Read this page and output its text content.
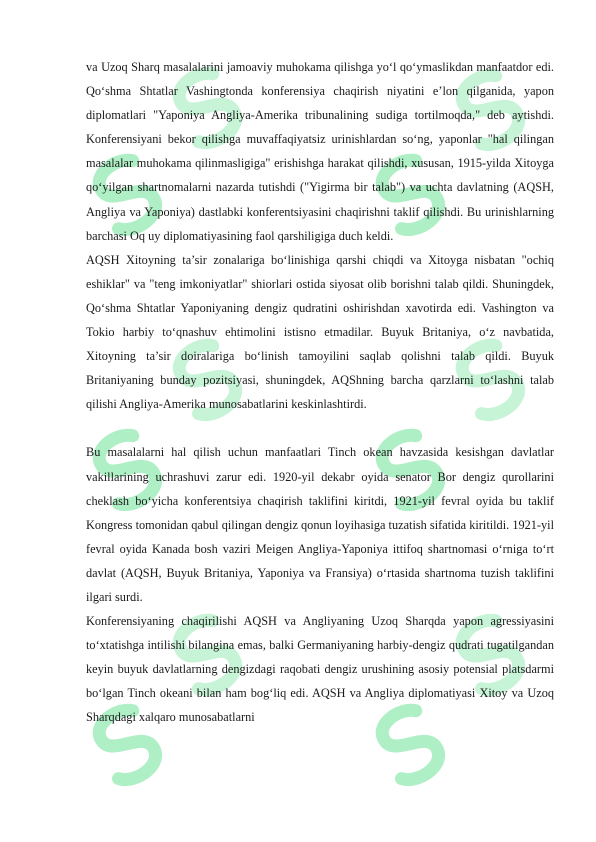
va Uzoq Sharq masalalarini jamoaviy muhokama qilishga yo‘l qo‘ymaslikdan manfaatdor edi. Qo‘shma Shtatlar Vashingtonda konferensiya chaqirish niyatini e’lon qilganida, yapon diplomatlari "Yaponiya Angliya-Amerika tribunalining sudiga tortilmoqda," deb aytishdi. Konferensiyani bekor qilishga muvaffaqiyatsiz urinishlardan so‘ng, yaponlar "hal qilingan masalalar muhokama qilinmasligiga" erishishga harakat qilishdi, xususan, 1915-yilda Xitoyga qo‘yilgan shartnomalarni nazarda tutishdi ("Yigirma bir talab") va uchta davlatning (AQSH, Angliya va Yaponiya) dastlabki konferentsiyasini chaqirishni taklif qilishdi. Bu urinishlarning barchasi Oq uy diplomatiyasining faol qarshiligiga duch keldi.

AQSH Xitoyning ta’sir zonalariga bo‘linishiga qarshi chiqdi va Xitoyga nisbatan "ochiq eshiklar" va "teng imkoniyatlar" shiorlari ostida siyosat olib borishni talab qildi. Shuningdek, Qo‘shma Shtatlar Yaponiyaning dengiz qudratini oshirishdan xavotirda edi. Vashington va Tokio harbiy to‘qnashuv ehtimolini istisno etmadilar. Buyuk Britaniya, o‘z navbatida, Xitoyning ta’sir doiralariga bo‘linish tamoyilini saqlab qolishni talab qildi. Buyuk Britaniyaning bunday pozitsiyasi, shuningdek, AQShning barcha qarzlarni to‘lashni talab qilishi Angliya-Amerika munosabatlarini keskinlashtirdi.

Bu masalalarni hal qilish uchun manfaatlari Tinch okean havzasida kesishgan davlatlar vakillarining uchrashuvi zarur edi. 1920-yil dekabr oyida senator Bor dengiz qurollarini cheklash bo‘yicha konferentsiya chaqirish taklifini kiritdi, 1921-yil fevral oyida bu taklif Kongress tomonidan qabul qilingan dengiz qonun loyihasiga tuzatish sifatida kiritildi. 1921-yil fevral oyida Kanada bosh vaziri Meigen Angliya-Yaponiya ittifoq shartnomasi o‘rniga to‘rt davlat (AQSH, Buyuk Britaniya, Yaponiya va Fransiya) o‘rtasida shartnoma tuzish taklifini ilgari surdi.

Konferensiyaning chaqirilishi AQSH va Angliyaning Uzoq Sharqda yapon agressiyasini to‘xtatishga intilishi bilangina emas, balki Germaniyaning harbiy-dengiz qudrati tugatilgandan keyin buyuk davlatlarning dengizdagi raqobati dengiz urushining asosiy potensial platsdarmi bo‘lgan Tinch okeani bilan ham bog‘liq edi. AQSH va Angliya diplomatiyasi Xitoy va Uzoq Sharqdagi xalqaro munosabatlarni
